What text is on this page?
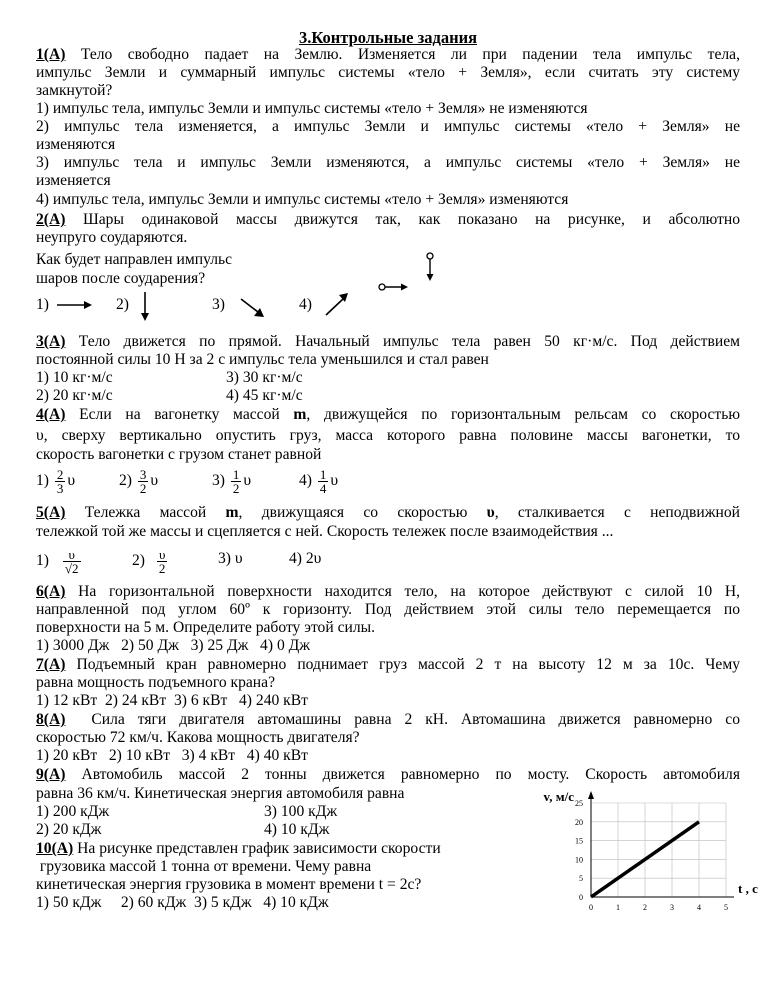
3.Контрольные задания
1(А) Тело свободно падает на Землю. Изменяется ли при падении тела импульс тела,
импульс Земли и суммарный импульс системы «тело + Земля», если считать эту систему
замкнутой?
1) импульс тела, импульс Земли и импульс системы «тело + Земля» не изменяются
2) импульс тела изменяется, а импульс Земли и импульс системы «тело + Земля» не
изменяются
3) импульс тела и импульс Земли изменяются, а импульс системы «тело + Земля» не
изменяется
4) импульс тела, импульс Земли и импульс системы «тело + Земля» изменяются
2(А) Шары одинаковой массы движутся так, как показано на рисунке, и абсолютно
неупруго соударяются.
Как будет направлен импульс
шаров после соударения?
1)	2)	3)	4)
3(А) Тело движется по прямой. Начальный импульс тела равен 50 кг·м/с. Под действием
постоянной силы 10 Н за 2 с импульс тела уменьшился и стал равен
1) 10 кг·м/с	3) 30 кг·м/с
2) 20 кг·м/с	4) 45 кг·м/с
4(А) Если на вагонетку массой m, движущейся по горизонтальным рельсам со скоростью
υ, сверху вертикально опустить груз, масса которого равна половине массы вагонетки, то
скорость вагонетки с грузом станет равной
$1) \frac{2}{3}$ υ	$2) \frac{3}{2}$ υ	$3) \frac{1}{2}$ υ	$4) \frac{1}{4}$ υ
5(А) Тележка массой m, движущаяся со скоростью υ, сталкивается с неподвижной
тележкой той же массы и сцепляется с ней. Скорость тележек после взаимодействия ...
$1) \frac{\upsilon}{√2}$	$2) \frac{\upsilon}{2}$	3) υ	4) 2υ
6(А) На горизонтальной поверхности находится тело, на которое действуют с силой 10 Н,
направленной под углом 60º к горизонту. Под действием этой силы тело перемещается по
поверхности на 5 м. Определите работу этой силы.
1) 3000 Дж   2) 50 Дж   3) 25 Дж   4) 0 Дж
7(А) Подъемный кран равномерно поднимает груз массой 2 т на высоту 12 м за 10с. Чему
равна мощность подъемного крана?
1) 12 кВт  2) 24 кВт  3) 6 кВт   4) 240 кВт
8(А)  Сила тяги двигателя автомашины равна 2 кН. Автомашина движется равномерно со
скоростью 72 км/ч. Какова мощность двигателя?
1) 20 кВт   2) 10 кВт   3) 4 кВт   4) 40 кВт
9(А) Автомобиль массой 2 тонны движется равномерно по мосту. Скорость автомобиля
равна 36 км/ч. Кинетическая энергия автомобиля равна
1) 200 кДж	3) 100 кДж
2) 20 кДж	4) 10 кДж
10(А) На рисунке представлен график зависимости скорости
грузовика массой 1 тонна от времени. Чему равна
кинетическая энергия грузовика в момент времени t = 2с?
1) 50 кДж     2) 60 кДж  3) 5 кДж   4) 10 кДж	0	1	2	3	4	5
0
5
10
15
20
25
v, м/с
t , c
